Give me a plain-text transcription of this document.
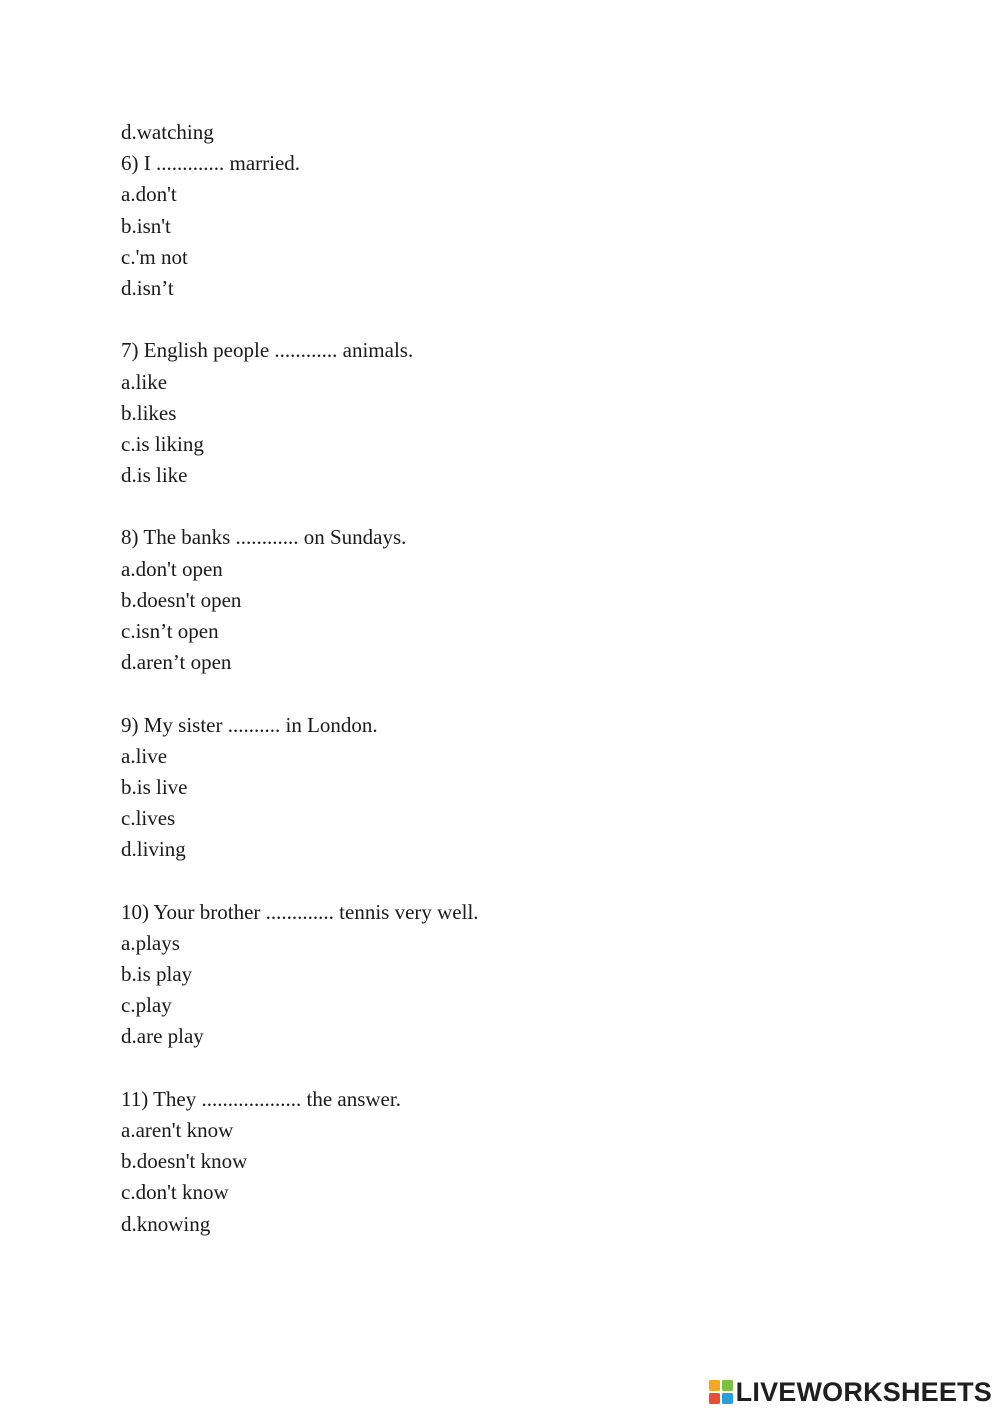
d.watching
6) I ............. married.
a.don't
b.isn't
c.'m not
d.isn’t
7) English people ............ animals.
a.like
b.likes
c.is liking
d.is like
8) The banks ............ on Sundays.
a.don't open
b.doesn't open
c.isn’t open
d.aren’t open
9) My sister .......... in London.
a.live
b.is live
c.lives
d.living
10) Your brother ............. tennis very well.
a.plays
b.is play
c.play
d.are play
11) They ................... the answer.
a.aren't know
b.doesn't know
c.don't know
d.knowing
LIVEWORKSHEETS
